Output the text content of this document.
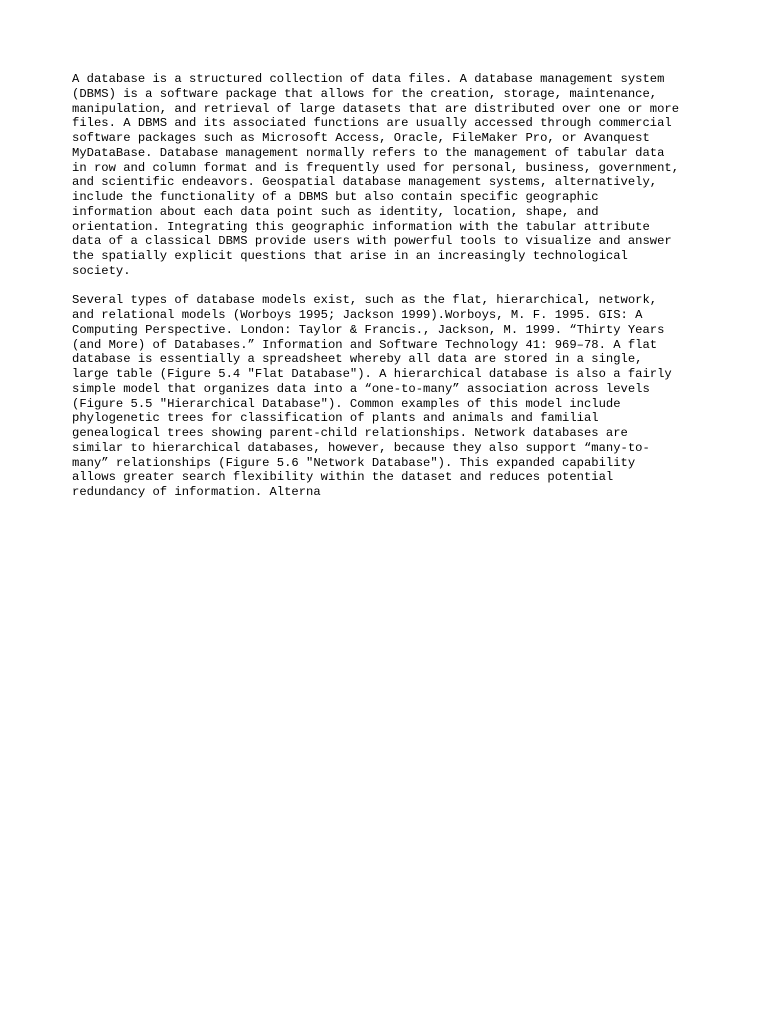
A database is a structured collection of data files. A database management system
(DBMS) is a software package that allows for the creation, storage, maintenance,
manipulation, and retrieval of large datasets that are distributed over one or more
files. A DBMS and its associated functions are usually accessed through commercial
software packages such as Microsoft Access, Oracle, FileMaker Pro, or Avanquest
MyDataBase. Database management normally refers to the management of tabular data
in row and column format and is frequently used for personal, business, government,
and scientific endeavors. Geospatial database management systems, alternatively,
include the functionality of a DBMS but also contain specific geographic
information about each data point such as identity, location, shape, and
orientation. Integrating this geographic information with the tabular attribute
data of a classical DBMS provide users with powerful tools to visualize and answer
the spatially explicit questions that arise in an increasingly technological
society.
Several types of database models exist, such as the flat, hierarchical, network,
and relational models (Worboys 1995; Jackson 1999).Worboys, M. F. 1995. GIS: A
Computing Perspective. London: Taylor & Francis., Jackson, M. 1999. “Thirty Years
(and More) of Databases.” Information and Software Technology 41: 969–78. A flat
database is essentially a spreadsheet whereby all data are stored in a single,
large table (Figure 5.4 "Flat Database"). A hierarchical database is also a fairly
simple model that organizes data into a “one-to-many” association across levels
(Figure 5.5 "Hierarchical Database"). Common examples of this model include
phylogenetic trees for classification of plants and animals and familial
genealogical trees showing parent-child relationships. Network databases are
similar to hierarchical databases, however, because they also support “many-to-
many” relationships (Figure 5.6 "Network Database"). This expanded capability
allows greater search flexibility within the dataset and reduces potential
redundancy of information. Alterna
